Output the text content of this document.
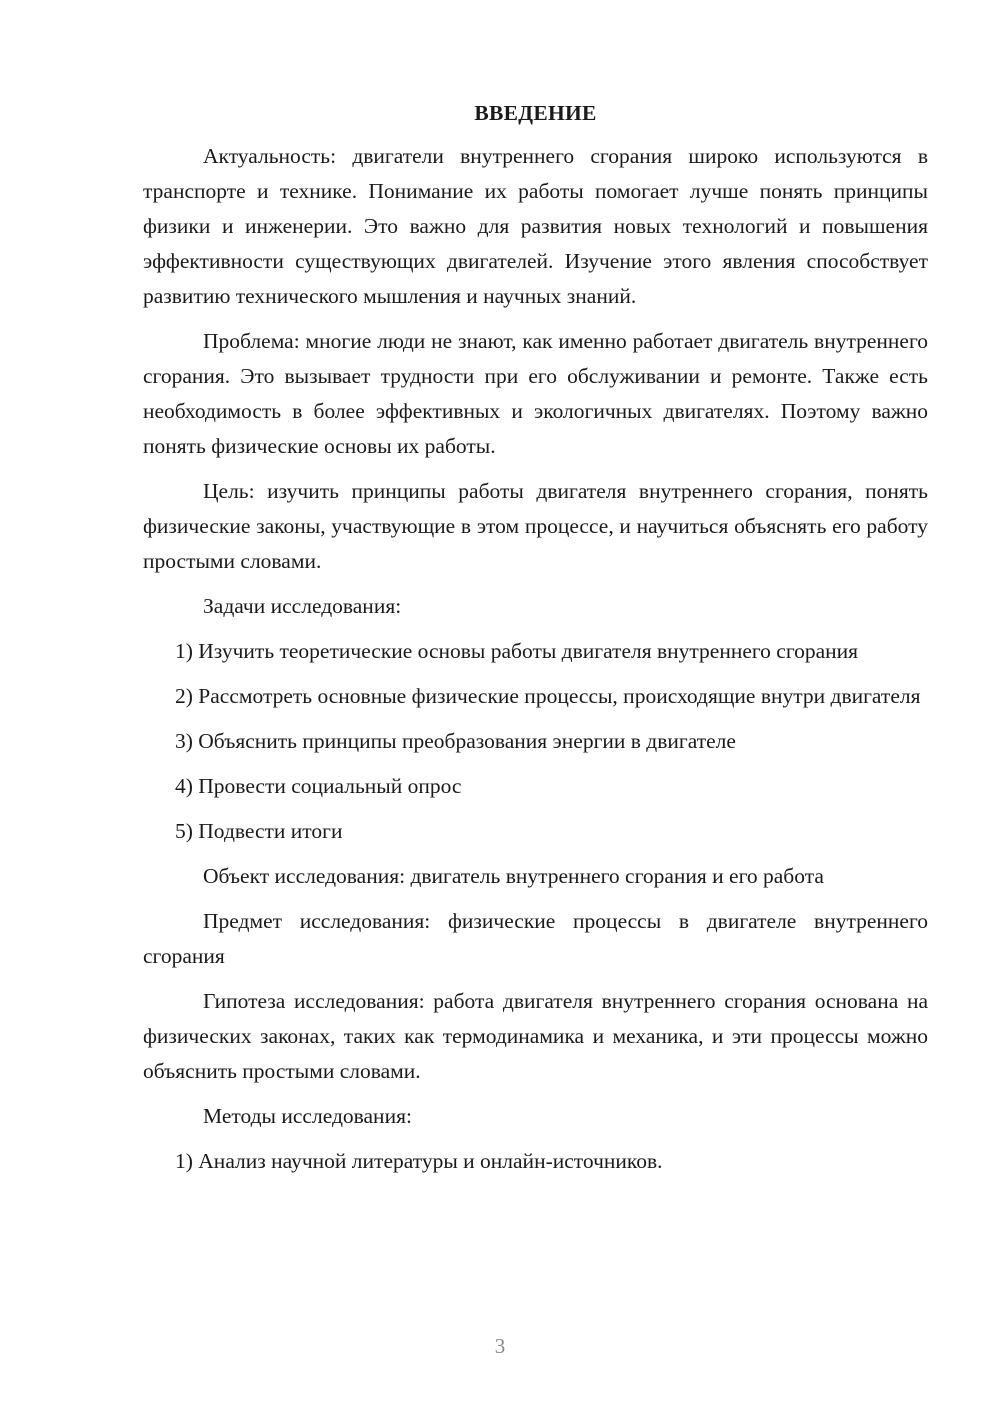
ВВЕДЕНИЕ

Актуальность: двигатели внутреннего сгорания широко используются в транспорте и технике. Понимание их работы помогает лучше понять принципы физики и инженерии. Это важно для развития новых технологий и повышения эффективности существующих двигателей. Изучение этого явления способствует развитию технического мышления и научных знаний.

Проблема: многие люди не знают, как именно работает двигатель внутреннего сгорания. Это вызывает трудности при его обслуживании и ремонте. Также есть необходимость в более эффективных и экологичных двигателях. Поэтому важно понять физические основы их работы.

Цель: изучить принципы работы двигателя внутреннего сгорания, понять физические законы, участвующие в этом процессе, и научиться объяснять его работу простыми словами.

Задачи исследования:

1) Изучить теоретические основы работы двигателя внутреннего сгорания

2) Рассмотреть основные физические процессы, происходящие внутри двигателя

3) Объяснить принципы преобразования энергии в двигателе

4) Провести социальный опрос

5) Подвести итоги

Объект исследования: двигатель внутреннего сгорания и его работа

Предмет исследования: физические процессы в двигателе внутреннего сгорания

Гипотеза исследования: работа двигателя внутреннего сгорания основана на физических законах, таких как термодинамика и механика, и эти процессы можно объяснить простыми словами.

Методы исследования:

1) Анализ научной литературы и онлайн-источников.

3
